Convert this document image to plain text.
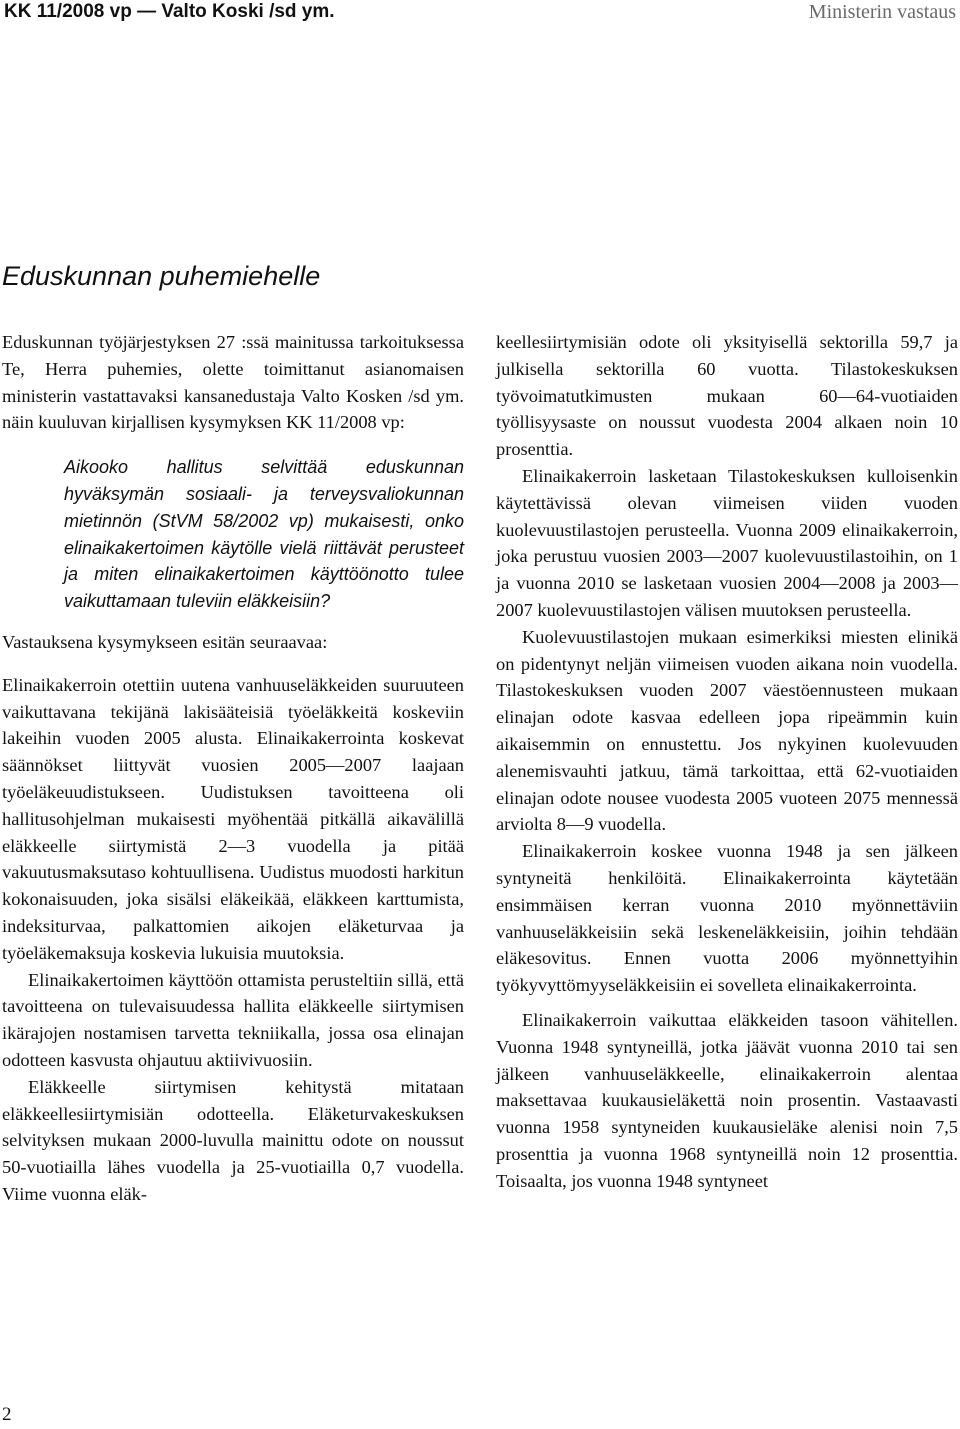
KK 11/2008 vp — Valto Koski /sd ym.	Ministerin vastaus
Eduskunnan puhemiehelle

Eduskunnan työjärjestyksen 27 :ssä mainitussa tarkoituksessa Te, Herra puhemies, olette toimittanut asianomaisen ministerin vastattavaksi kansanedustaja Valto Kosken /sd ym. näin kuuluvan kirjallisen kysymyksen KK 11/2008 vp:

Aikooko hallitus selvittää eduskunnan hyväksymän sosiaali- ja terveysvaliokunnan mietinnön (StVM 58/2002 vp) mukaisesti, onko elinaikakertoimen käytölle vielä riittävät perusteet ja miten elinaikakertoimen käyttöönotto tulee vaikuttamaan tuleviin eläkkeisiin?

Vastauksena kysymykseen esitän seuraavaa:

Elinaikakerroin otettiin uutena vanhuuseläkkeiden suuruuteen vaikuttavana tekijänä lakisääteisiä työeläkkeitä koskeviin lakeihin vuoden 2005 alusta. Elinaikakerrointa koskevat säännökset liittyvät vuosien 2005—2007 laajaan työeläkeuudistukseen. Uudistuksen tavoitteena oli hallitusohjelman mukaisesti myöhentää pitkällä aikavälillä eläkkeelle siirtymistä 2—3 vuodella ja pitää vakuutusmaksutaso kohtuullisena. Uudistus muodosti harkitun kokonaisuuden, joka sisälsi eläkeikää, eläkkeen karttumista, indeksiturvaa, palkattomien aikojen eläketurvaa ja työeläkemaksuja koskevia lukuisia muutoksia.

Elinaikakertoimen käyttöön ottamista perusteltiin sillä, että tavoitteena on tulevaisuudessa hallita eläkkeelle siirtymisen ikärajojen nostamisen tarvetta tekniikalla, jossa osa elinajan odotteen kasvusta ohjautuu aktiivivuosiin.

Eläkkeelle siirtymisen kehitystä mitataan eläkkeellesiirtymisiän odotteella. Eläketurvakeskuksen selvityksen mukaan 2000-luvulla mainittu odote on noussut 50-vuotiailla lähes vuodella ja 25-vuotiailla 0,7 vuodella. Viime vuonna eläk-

keellesiirtymisiän odote oli yksityisellä sektorilla 59,7 ja julkisella sektorilla 60 vuotta. Tilastokeskuksen työvoimatutkimusten mukaan 60—64-vuotiaiden työllisyysaste on noussut vuodesta 2004 alkaen noin 10 prosenttia.

Elinaikakerroin lasketaan Tilastokeskuksen kulloisenkin käytettävissä olevan viimeisen viiden vuoden kuolevuustilastojen perusteella. Vuonna 2009 elinaikakerroin, joka perustuu vuosien 2003—2007 kuolevuustilastoihin, on 1 ja vuonna 2010 se lasketaan vuosien 2004—2008 ja 2003—2007 kuolevuustilastojen välisen muutoksen perusteella.

Kuolevuustilastojen mukaan esimerkiksi miesten elinikä on pidentynyt neljän viimeisen vuoden aikana noin vuodella. Tilastokeskuksen vuoden 2007 väestöennusteen mukaan elinajan odote kasvaa edelleen jopa ripeämmin kuin aikaisemmin on ennustettu. Jos nykyinen kuolevuuden alenemisvauhti jatkuu, tämä tarkoittaa, että 62-vuotiaiden elinajan odote nousee vuodesta 2005 vuoteen 2075 mennessä arviolta 8—9 vuodella.

Elinaikakerroin koskee vuonna 1948 ja sen jälkeen syntyneitä henkilöitä. Elinaikakerrointa käytetään ensimmäisen kerran vuonna 2010 myönnettäviin vanhuuseläkkeisiin sekä leskeneläkkeisiin, joihin tehdään eläkesovitus. Ennen vuotta 2006 myönnettyihin työkyvyttömyyseläkkeisiin ei sovelleta elinaikakerrointa.

Elinaikakerroin vaikuttaa eläkkeiden tasoon vähitellen. Vuonna 1948 syntyneillä, jotka jäävät vuonna 2010 tai sen jälkeen vanhuuseläkkeelle, elinaikakerroin alentaa maksettavaa kuukausieläkettä noin prosentin. Vastaavasti vuonna 1958 syntyneiden kuukausieläke alenisi noin 7,5 prosenttia ja vuonna 1968 syntyneillä noin 12 prosenttia. Toisaalta, jos vuonna 1948 syntyneet

2
